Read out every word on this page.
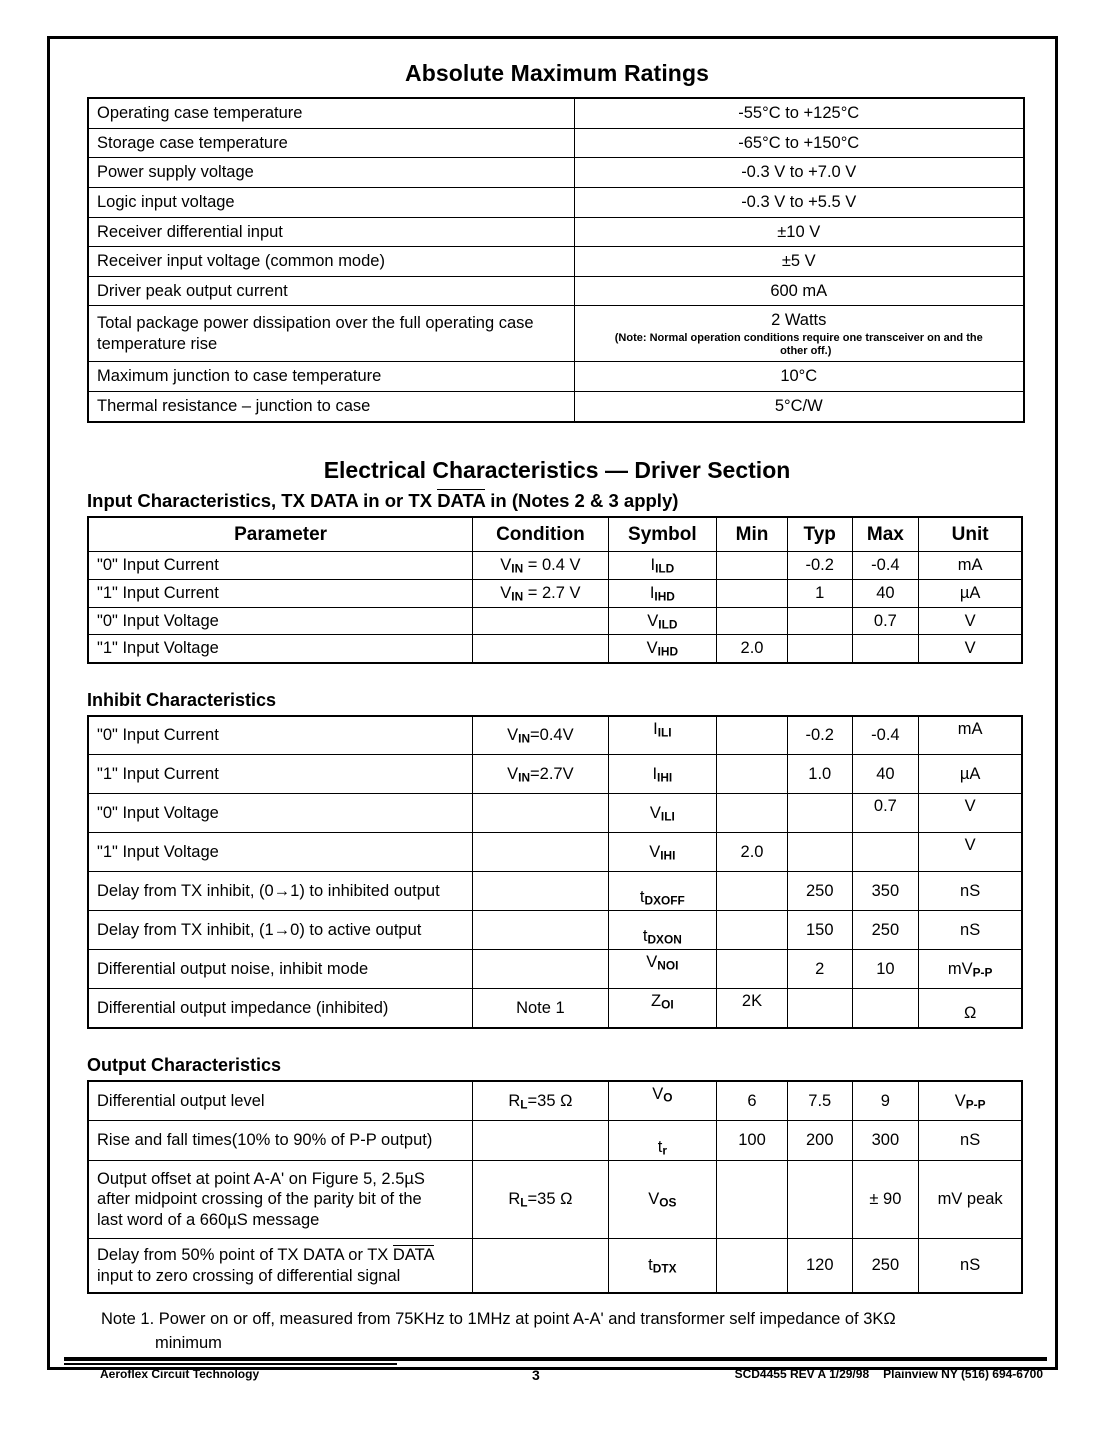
Absolute Maximum Ratings
Operating case temperature	-55°C to +125°C
Storage case temperature	-65°C to +150°C
Power supply voltage	-0.3 V to +7.0 V
Logic input voltage	-0.3 V to +5.5 V
Receiver differential input	±10 V
Receiver input voltage (common mode)	±5 V
Driver peak output current	600 mA
Total package power dissipation over the full operating case temperature rise	2 Watts
(Note: Normal operation conditions require one transceiver on and the other off.)

Maximum junction to case temperature	10°C
Thermal resistance – junction to case	5°C/W
Electrical Characteristics — Driver Section
Input Characteristics, TX DATA in or TX DATA in (Notes 2 & 3 apply)
Parameter	Condition	Symbol	Min	Typ	Max	Unit
"0" Input Current	$V_{IN} = 0.4$ V	$I_{ILD}$		-0.2	-0.4	mA
"1" Input Current	$V_{IN} = 2.7$ V	$I_{IHD}$		1	40	µA
"0" Input Voltage		$V_{ILD}$			0.7	V
"1" Input Voltage		$V_{IHD}$	2.0			V
Inhibit Characteristics
"0" Input Current	$V_{IN}=0.4V$	$I_{ILI}$		-0.2	-0.4	mA
"1" Input Current	$V_{IN}=2.7V$	$I_{IHI}$		1.0	40	µA
"0" Input Voltage		$V_{ILI}$			0.7	V
"1" Input Voltage		$V_{IHI}$	2.0			V
Delay from TX inhibit, (0→1) to inhibited output		$t_{DXOFF}$		250	350	nS
Delay from TX inhibit, (1→0) to active output		$t_{DXON}$		150	250	nS
Differential output noise, inhibit mode		$V_{NOI}$		2	10	$mV_{P-P}$
Differential output impedance (inhibited)	Note 1	$Z_{OI}$	2K			Ω
Output Characteristics
Differential output level	$R_L=35$ Ω	$V_O$	6	7.5	9	$V_{P-P}$
Rise and fall times(10% to 90% of P-P output)		$t_r$	100	200	300	nS
Output offset at point A-A' on Figure 5, 2.5µS
after midpoint crossing of the parity bit of the
last word of a 660µS message	$R_L=35$ Ω	$V_{OS}$			± 90	mV peak
Delay from 50% point of TX DATA or TX DATA
input to zero crossing of differential signal		$t_{DTX}$		120	250	nS
Note 1. Power on or off, measured from 75KHz to 1MHz at point A-A' and transformer self impedance of 3KΩ
minimum
Aeroflex Circuit Technology	3	SCD4455 REV A 1/29/98 Plainview NY (516) 694-6700
